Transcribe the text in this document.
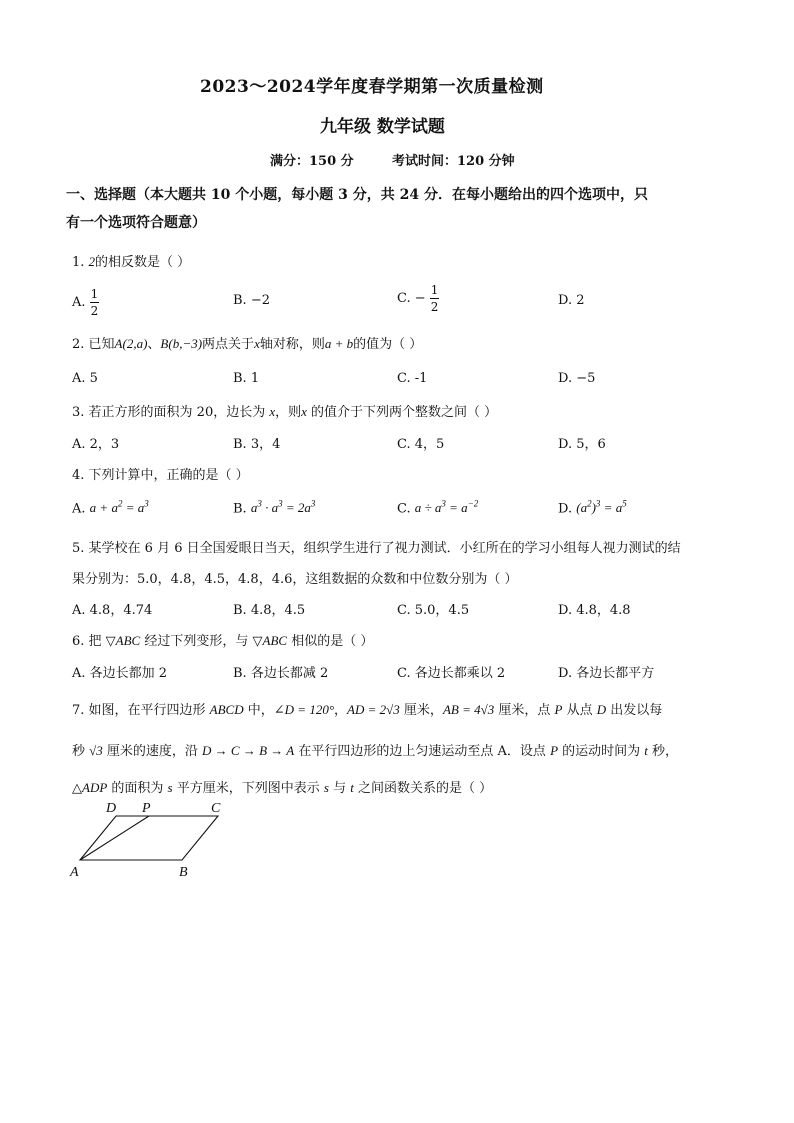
2023～2024学年度春学期第一次质量检测
九年级 数学试题
满分：150 分	考试时间：120 分钟
一、选择题（本大题共 10 个小题，每小题 3 分，共 24 分．在每小题给出的四个选项中，只
有一个选项符合题意）
1. 2的相反数是（ ）
A. $\frac{1}{2}$	B. −2	C. − $\frac{1}{2}$	D. 2
2. 已知A(2,a)、B(b,−3)两点关于x轴对称，则a + b的值为（ ）
A. 5	B. 1	C. -1	D. −5
3. 若正方形的面积为 20，边长为 x，则x 的值介于下列两个整数之间（ ）
A. 2，3	B. 3，4	C. 4，5	D. 5，6
4. 下列计算中，正确的是（ ）
A. $a + a^2 = a^3$	B. $a^3 \cdot a^3 = 2a^3$	C. $a \div a^3 = a^{-2}$	D. $(a^2)^3 = a^5$
5. 某学校在 6 月 6 日全国爱眼日当天，组织学生进行了视力测试．小红所在的学习小组每人视力测试的结
果分别为：5.0，4.8，4.5，4.8，4.6，这组数据的众数和中位数分别为（ ）
A. 4.8，4.74	B. 4.8，4.5	C. 5.0，4.5	D. 4.8，4.8
6. 把 ▽ABC 经过下列变形，与 ▽ABC 相似的是（ ）
A. 各边长都加 2	B. 各边长都减 2	C. 各边长都乘以 2	D. 各边长都平方
7. 如图，在平行四边形 ABCD 中，∠D = 120°，AD = 2√3 厘米，AB = 4√3 厘米，点 P 从点 D 出发以每
秒 √3 厘米的速度，沿 D → C → B → A 在平行四边形的边上匀速运动至点 A．设点 P 的运动时间为 t 秒，
△ADP 的面积为 s 平方厘米，下列图中表示 s 与 t 之间函数关系的是（ ）
D P	C
A	B
